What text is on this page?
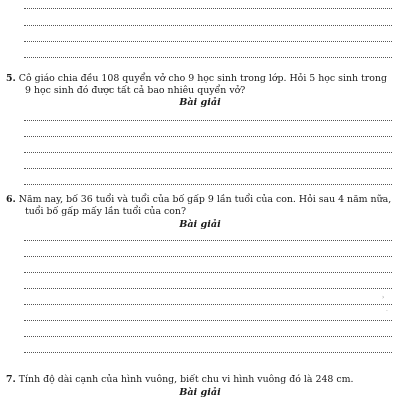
5. Cô giáo chia đều 108 quyển vở cho 9 học sinh trong lớp. Hỏi 5 học sinh trong
9 học sinh đó được tất cả bao nhiêu quyển vở?
Bài giải
6. Năm nay, bố 36 tuổi và tuổi của bố gấp 9 lần tuổi của con. Hỏi sau 4 năm nữa,
tuổi bố gấp mấy lần tuổi của con?
Bài giải
›
·
7. Tính độ dài cạnh của hình vuông, biết chu vi hình vuông đó là 248 cm.
Bài giải
